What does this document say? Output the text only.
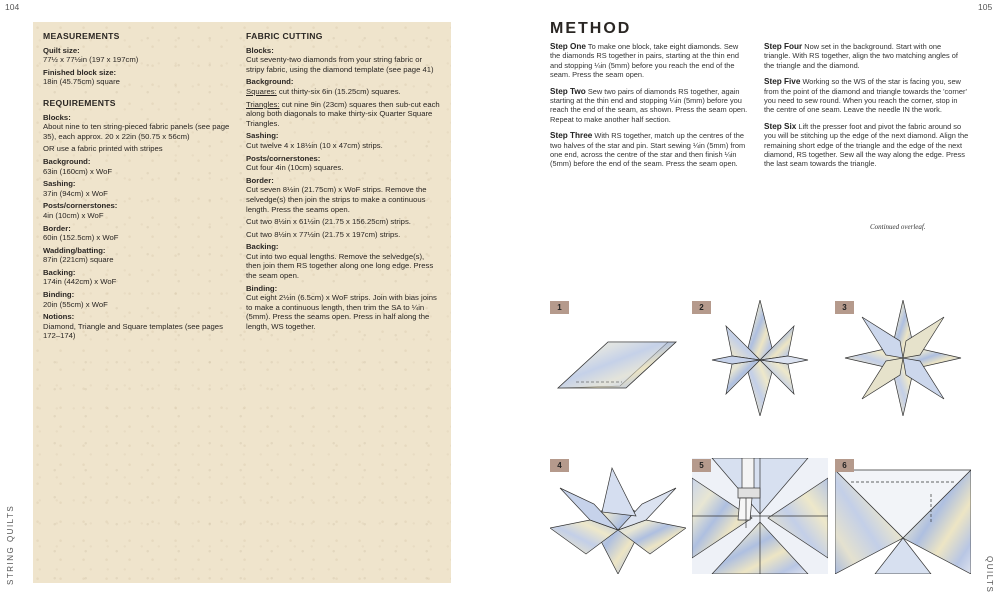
104	105
STRING QUILTS	QUILTS
MEASUREMENTS

Quilt size:

77½ x 77½in (197 x 197cm)

Finished block size:

18in (45.75cm) square

REQUIREMENTS

Blocks:

About nine to ten string-pieced fabric panels (see page 35), each approx. 20 x 22in (50.75 x 56cm)

OR use a fabric printed with stripes

Background:

63in (160cm) x WoF

Sashing:

37in (94cm) x WoF

Posts/cornerstones:

4in (10cm) x WoF

Border:

60in (152.5cm) x WoF

Wadding/batting:

87in (221cm) square

Backing:

174in (442cm) x WoF

Binding:

20in (55cm) x WoF

Notions:

Diamond, Triangle and Square templates (see pages 172–174)

FABRIC CUTTING

Blocks:

Cut seventy-two diamonds from your string fabric or stripy fabric, using the diamond template (see page 41)

Background:

Squares: cut thirty-six 6in (15.25cm) squares.

Triangles: cut nine 9in (23cm) squares then sub-cut each along both diagonals to make thirty-six Quarter Square Triangles.

Sashing:

Cut twelve 4 x 18½in (10 x 47cm) strips.

Posts/cornerstones:

Cut four 4in (10cm) squares.

Border:

Cut seven 8½in (21.75cm) x WoF strips. Remove the selvedge(s) then join the strips to make a continuous length. Press the seams open.

Cut two 8½in x 61½in (21.75 x 156.25cm) strips.

Cut two 8½in x 77½in (21.75 x 197cm) strips.

Backing:

Cut into two equal lengths. Remove the selvedge(s), then join them RS together along one long edge. Press the seam open.

Binding:

Cut eight 2½in (6.5cm) x WoF strips. Join with bias joins to make a continuous length, then trim the SA to ¼in (5mm). Press the seams open. Press in half along the length, WS together.

METHOD

Step One To make one block, take eight diamonds. Sew the diamonds RS together in pairs, starting at the thin end and stopping ¼in (5mm) before you reach the end of the seam. Press the seam open.

Step Two Sew two pairs of diamonds RS together, again starting at the thin end and stopping ¼in (5mm) before you reach the end of the seam, as shown. Press the seam open. Repeat to make another half section.

Step Three With RS together, match up the centres of the two halves of the star and pin. Start sewing ¼in (5mm) from one end, across the centre of the star and then finish ¼in (5mm) before the end of the seam. Press the seam open.

Step Four Now set in the background. Start with one triangle. With RS together, align the two matching angles of the triangle and the diamond.

Step Five Working so the WS of the star is facing you, sew from the point of the diamond and triangle towards the 'corner' you need to sew round. When you reach the corner, stop in the centre of one seam. Leave the needle IN the work.

Step Six Lift the presser foot and pivot the fabric around so you will be stitching up the edge of the next diamond. Align the remaining short edge of the triangle and the edge of the next diamond, RS together. Sew all the way along the edge. Press the last seam towards the triangle.

Continued overleaf.
1	2	3
4	5	6
